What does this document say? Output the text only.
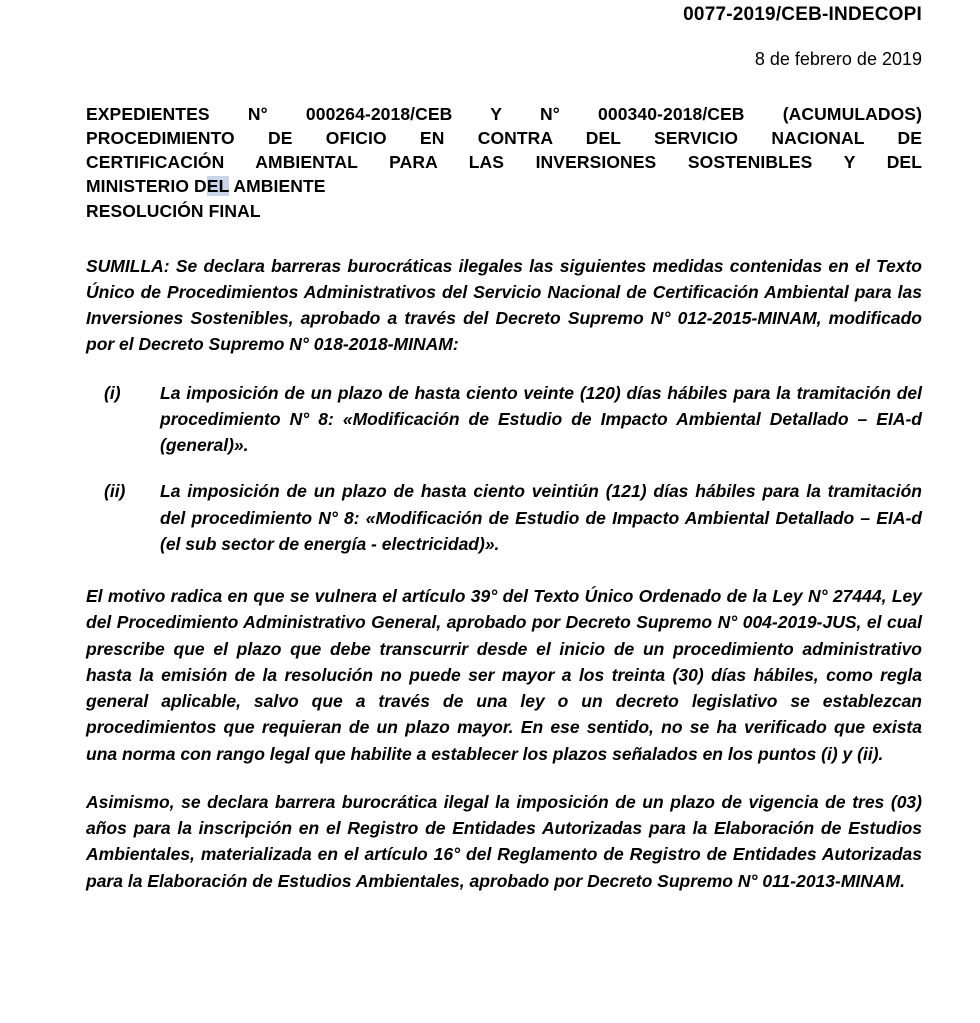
0077-2019/CEB-INDECOPI
8 de febrero de 2019
EXPEDIENTES N° 000264-2018/CEB Y N° 000340-2018/CEB (ACUMULADOS)
PROCEDIMIENTO DE OFICIO EN CONTRA DEL SERVICIO NACIONAL DE
CERTIFICACIÓN AMBIENTAL PARA LAS INVERSIONES SOSTENIBLES Y DEL
MINISTERIO DEL AMBIENTE
RESOLUCIÓN FINAL
SUMILLA: Se declara barreras burocráticas ilegales las siguientes medidas contenidas en el Texto Único de Procedimientos Administrativos del Servicio Nacional de Certificación Ambiental para las Inversiones Sostenibles, aprobado a través del Decreto Supremo N° 012-2015-MINAM, modificado por el Decreto Supremo N° 018-2018-MINAM:
(i)	La imposición de un plazo de hasta ciento veinte (120) días hábiles para la tramitación del procedimiento N° 8: «Modificación de Estudio de Impacto Ambiental Detallado – EIA-d (general)».
(ii)	La imposición de un plazo de hasta ciento veintiún (121) días hábiles para la tramitación del procedimiento N° 8: «Modificación de Estudio de Impacto Ambiental Detallado – EIA-d (el sub sector de energía - electricidad)».
El motivo radica en que se vulnera el artículo 39° del Texto Único Ordenado de la Ley N° 27444, Ley del Procedimiento Administrativo General, aprobado por Decreto Supremo N° 004-2019-JUS, el cual prescribe que el plazo que debe transcurrir desde el inicio de un procedimiento administrativo hasta la emisión de la resolución no puede ser mayor a los treinta (30) días hábiles, como regla general aplicable, salvo que a través de una ley o un decreto legislativo se establezcan procedimientos que requieran de un plazo mayor. En ese sentido, no se ha verificado que exista una norma con rango legal que habilite a establecer los plazos señalados en los puntos (i) y (ii).
Asimismo, se declara barrera burocrática ilegal la imposición de un plazo de vigencia de tres (03) años para la inscripción en el Registro de Entidades Autorizadas para la Elaboración de Estudios Ambientales, materializada en el artículo 16° del Reglamento de Registro de Entidades Autorizadas para la Elaboración de Estudios Ambientales, aprobado por Decreto Supremo N° 011-2013-MINAM.
